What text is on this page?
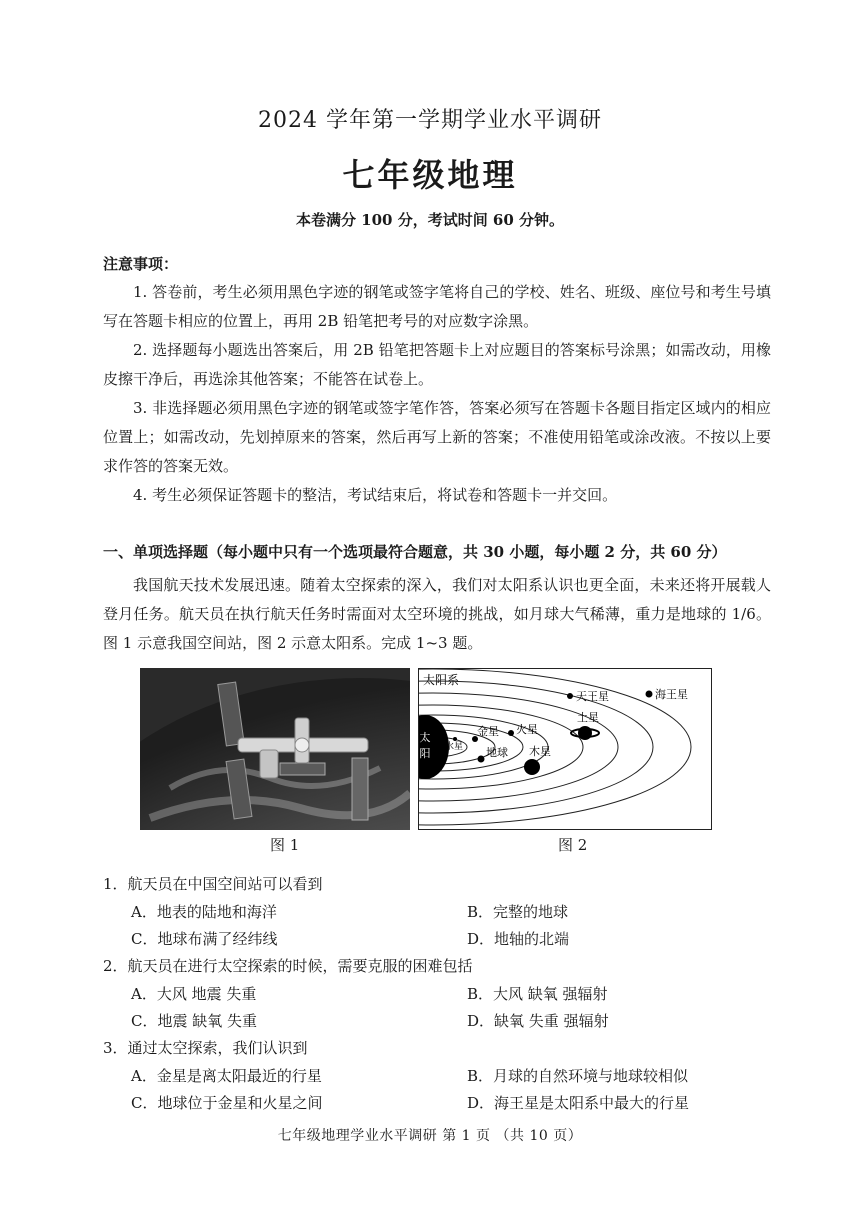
2024 学年第一学期学业水平调研
七年级地理
本卷满分 100 分，考试时间 60 分钟。
注意事项：

1. 答卷前，考生必须用黑色字迹的钢笔或签字笔将自己的学校、姓名、班级、座位号和考生号填写在答题卡相应的位置上，再用 2B 铅笔把考号的对应数字涂黑。

2. 选择题每小题选出答案后，用 2B 铅笔把答题卡上对应题目的答案标号涂黑；如需改动，用橡皮擦干净后，再选涂其他答案；不能答在试卷上。

3. 非选择题必须用黑色字迹的钢笔或签字笔作答，答案必须写在答题卡各题目指定区域内的相应位置上；如需改动，先划掉原来的答案，然后再写上新的答案；不准使用铅笔或涂改液。不按以上要求作答的答案无效。

4. 考生必须保证答题卡的整洁，考试结束后，将试卷和答题卡一并交回。

一、单项选择题（每小题中只有一个选项最符合题意，共 30 小题，每小题 2 分，共 60 分）
我国航天技术发展迅速。随着太空探索的深入，我们对太阳系认识也更全面，未来还将开展载人登月任务。航天员在执行航天任务时需面对太空环境的挑战，如月球大气稀薄，重力是地球的 1/6。图 1 示意我国空间站，图 2 示意太阳系。完成 1~3 题。
太阳系
太
阳 水星
金星
地球
火星
木星
土星
天王星	海王星
图 1	图 2
1．航天员在中国空间站可以看到
A．地表的陆地和海洋	B．完整的地球
C．地球布满了经纬线	D．地轴的北端
2．航天员在进行太空探索的时候，需要克服的困难包括
A．大风 地震 失重	B．大风 缺氧 强辐射
C．地震 缺氧 失重	D．缺氧 失重 强辐射
3．通过太空探索，我们认识到
A．金星是离太阳最近的行星	B．月球的自然环境与地球较相似
C．地球位于金星和火星之间	D．海王星是太阳系中最大的行星
七年级地理学业水平调研 第 1 页 （共 10 页）
